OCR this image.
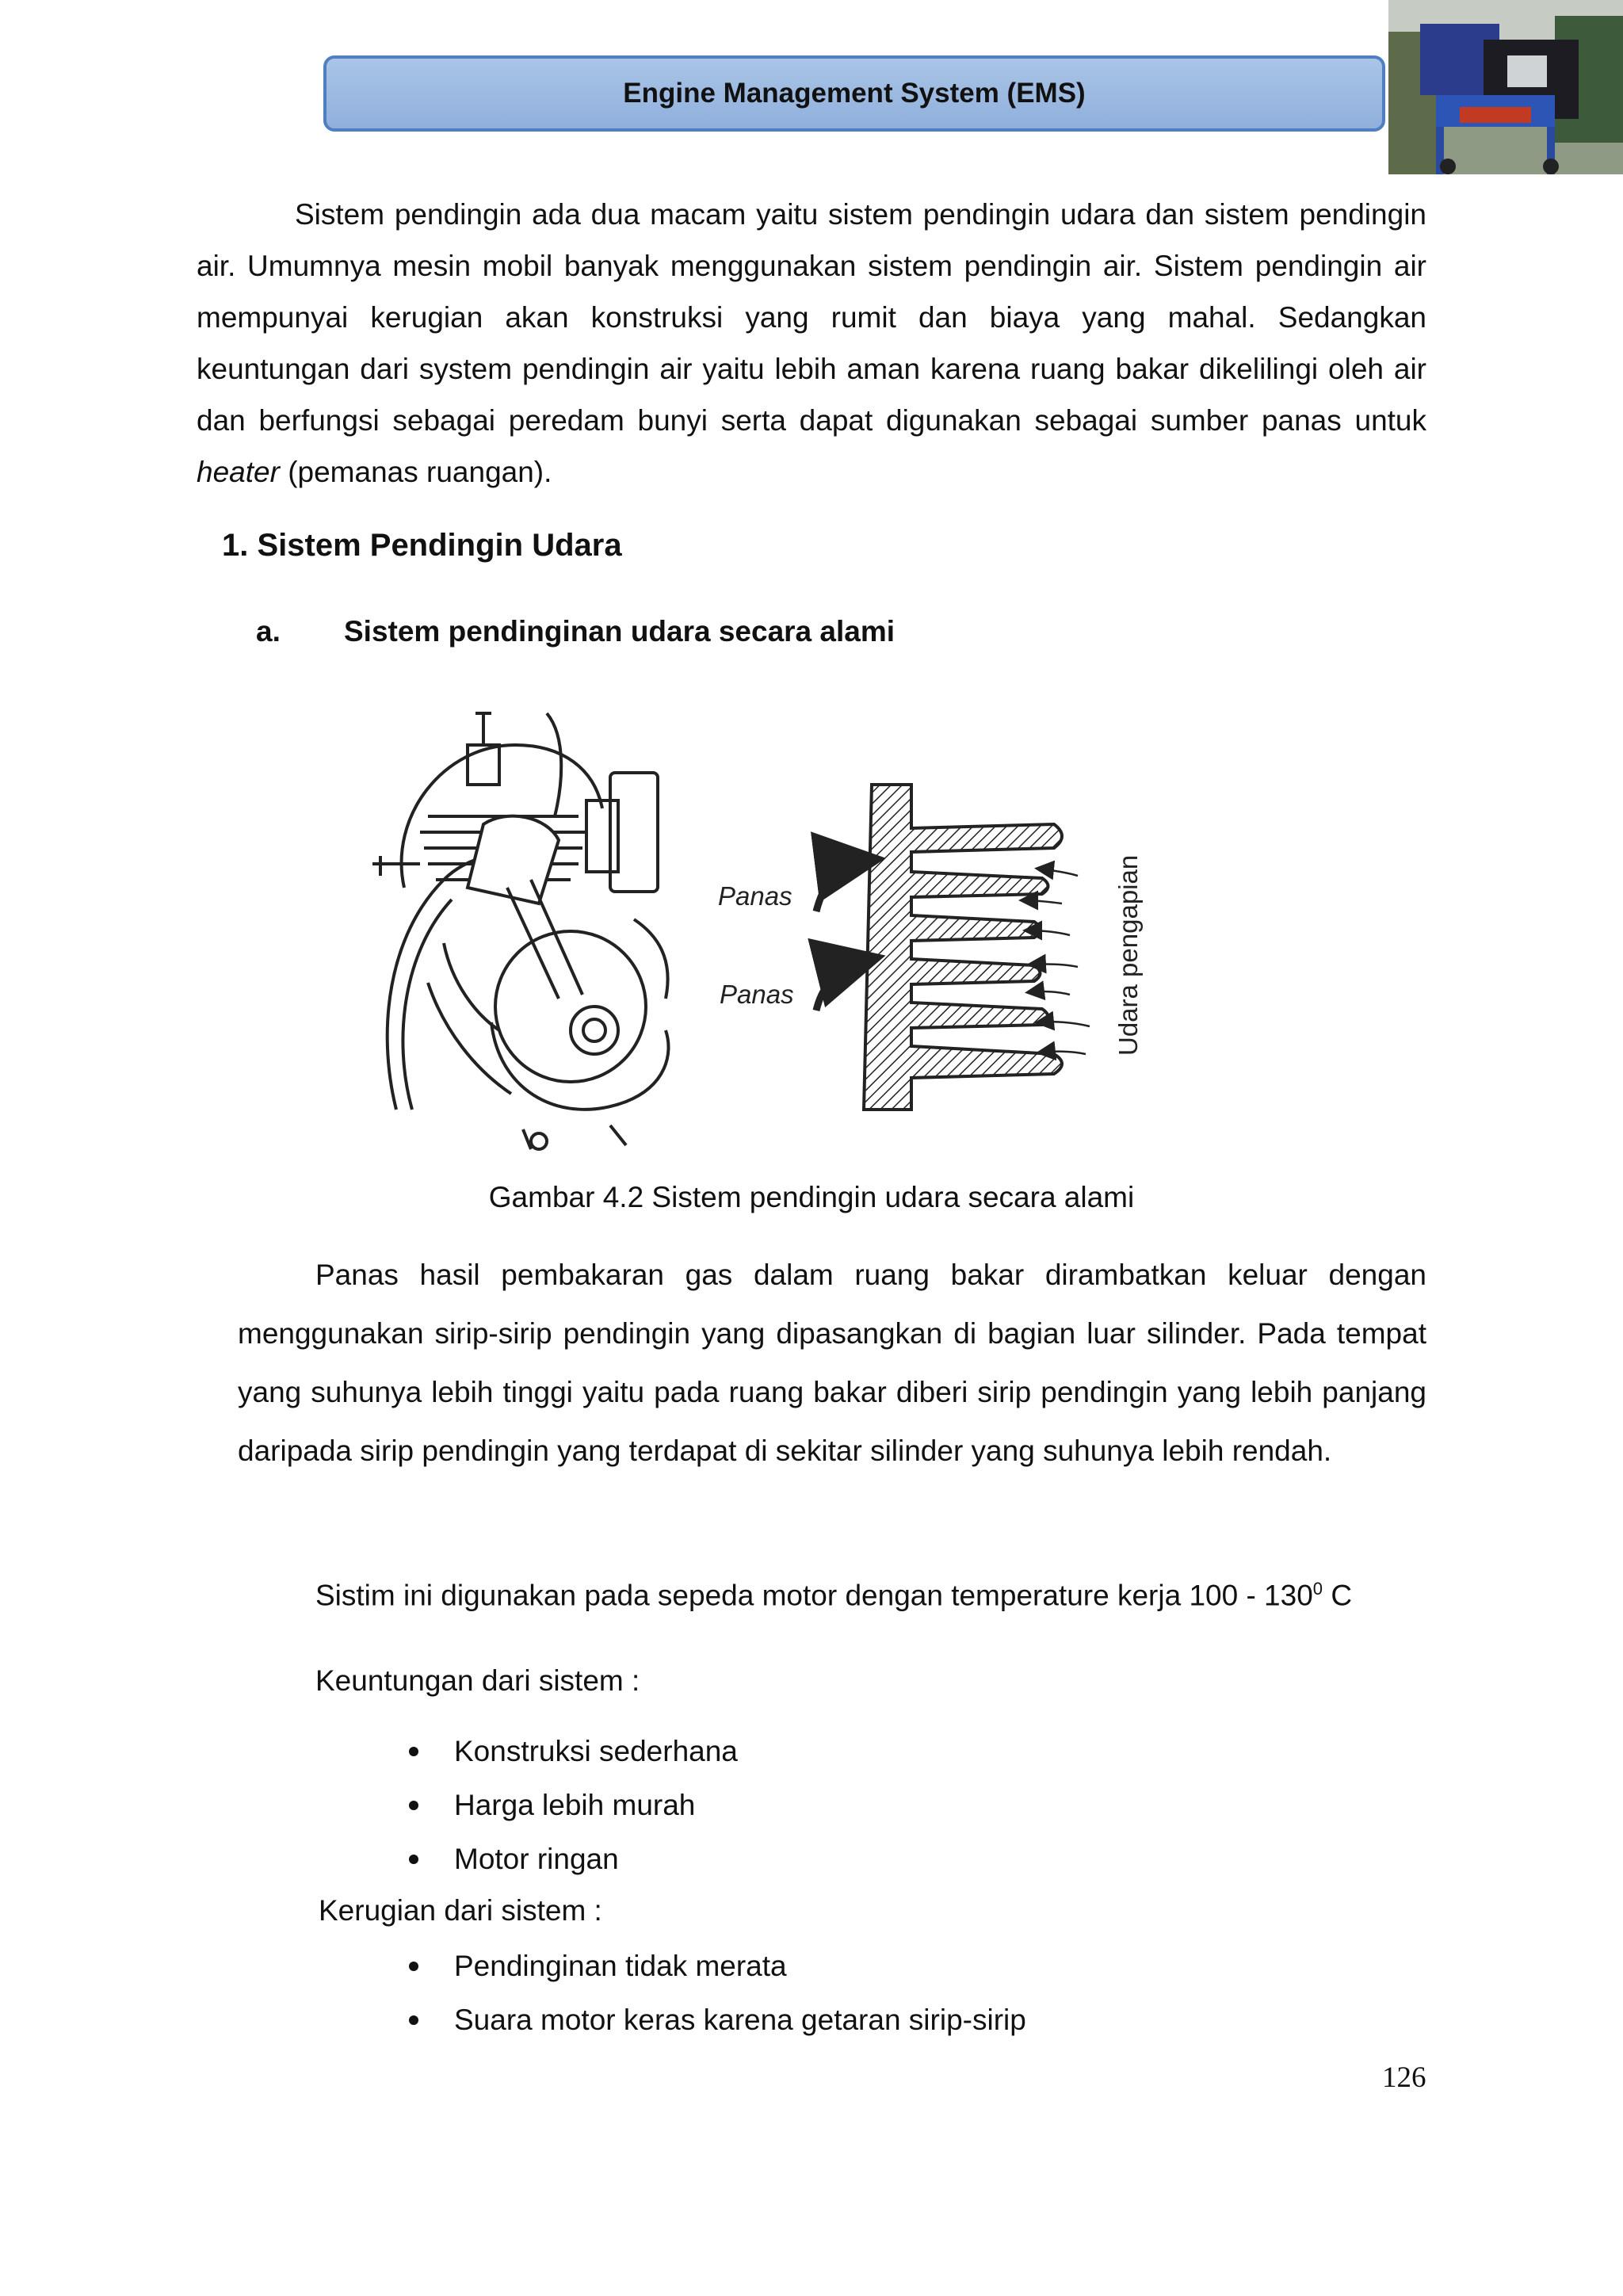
Engine Management System (EMS)

Sistem pendingin ada dua macam yaitu sistem pendingin udara dan sistem pendingin air. Umumnya mesin mobil banyak menggunakan sistem pendingin air. Sistem pendingin air mempunyai kerugian akan konstruksi yang rumit dan biaya yang mahal. Sedangkan keuntungan dari system pendingin air yaitu lebih aman karena ruang bakar dikelilingi oleh air dan berfungsi sebagai peredam bunyi serta dapat digunakan sebagai sumber panas untuk heater (pemanas ruangan).

1. Sistem Pendingin Udara
a. Sistem pendinginan udara secara alami
Panas
Panas	Udara pengapian
Gambar 4.2 Sistem pendingin udara secara alami

Panas hasil pembakaran gas dalam ruang bakar dirambatkan keluar dengan menggunakan sirip-sirip pendingin yang dipasangkan di bagian luar silinder. Pada tempat yang suhunya lebih tinggi yaitu pada ruang bakar diberi sirip pendingin yang lebih panjang daripada sirip pendingin yang terdapat di sekitar silinder yang suhunya lebih rendah.

Sistim ini digunakan pada sepeda motor dengan temperature kerja $100 - 130^0$ C
Keuntungan dari sistem :
Konstruksi sederhana
Harga lebih murah
Motor ringan
Kerugian dari sistem :
Pendinginan tidak merata
Suara motor keras karena getaran sirip-sirip
126
